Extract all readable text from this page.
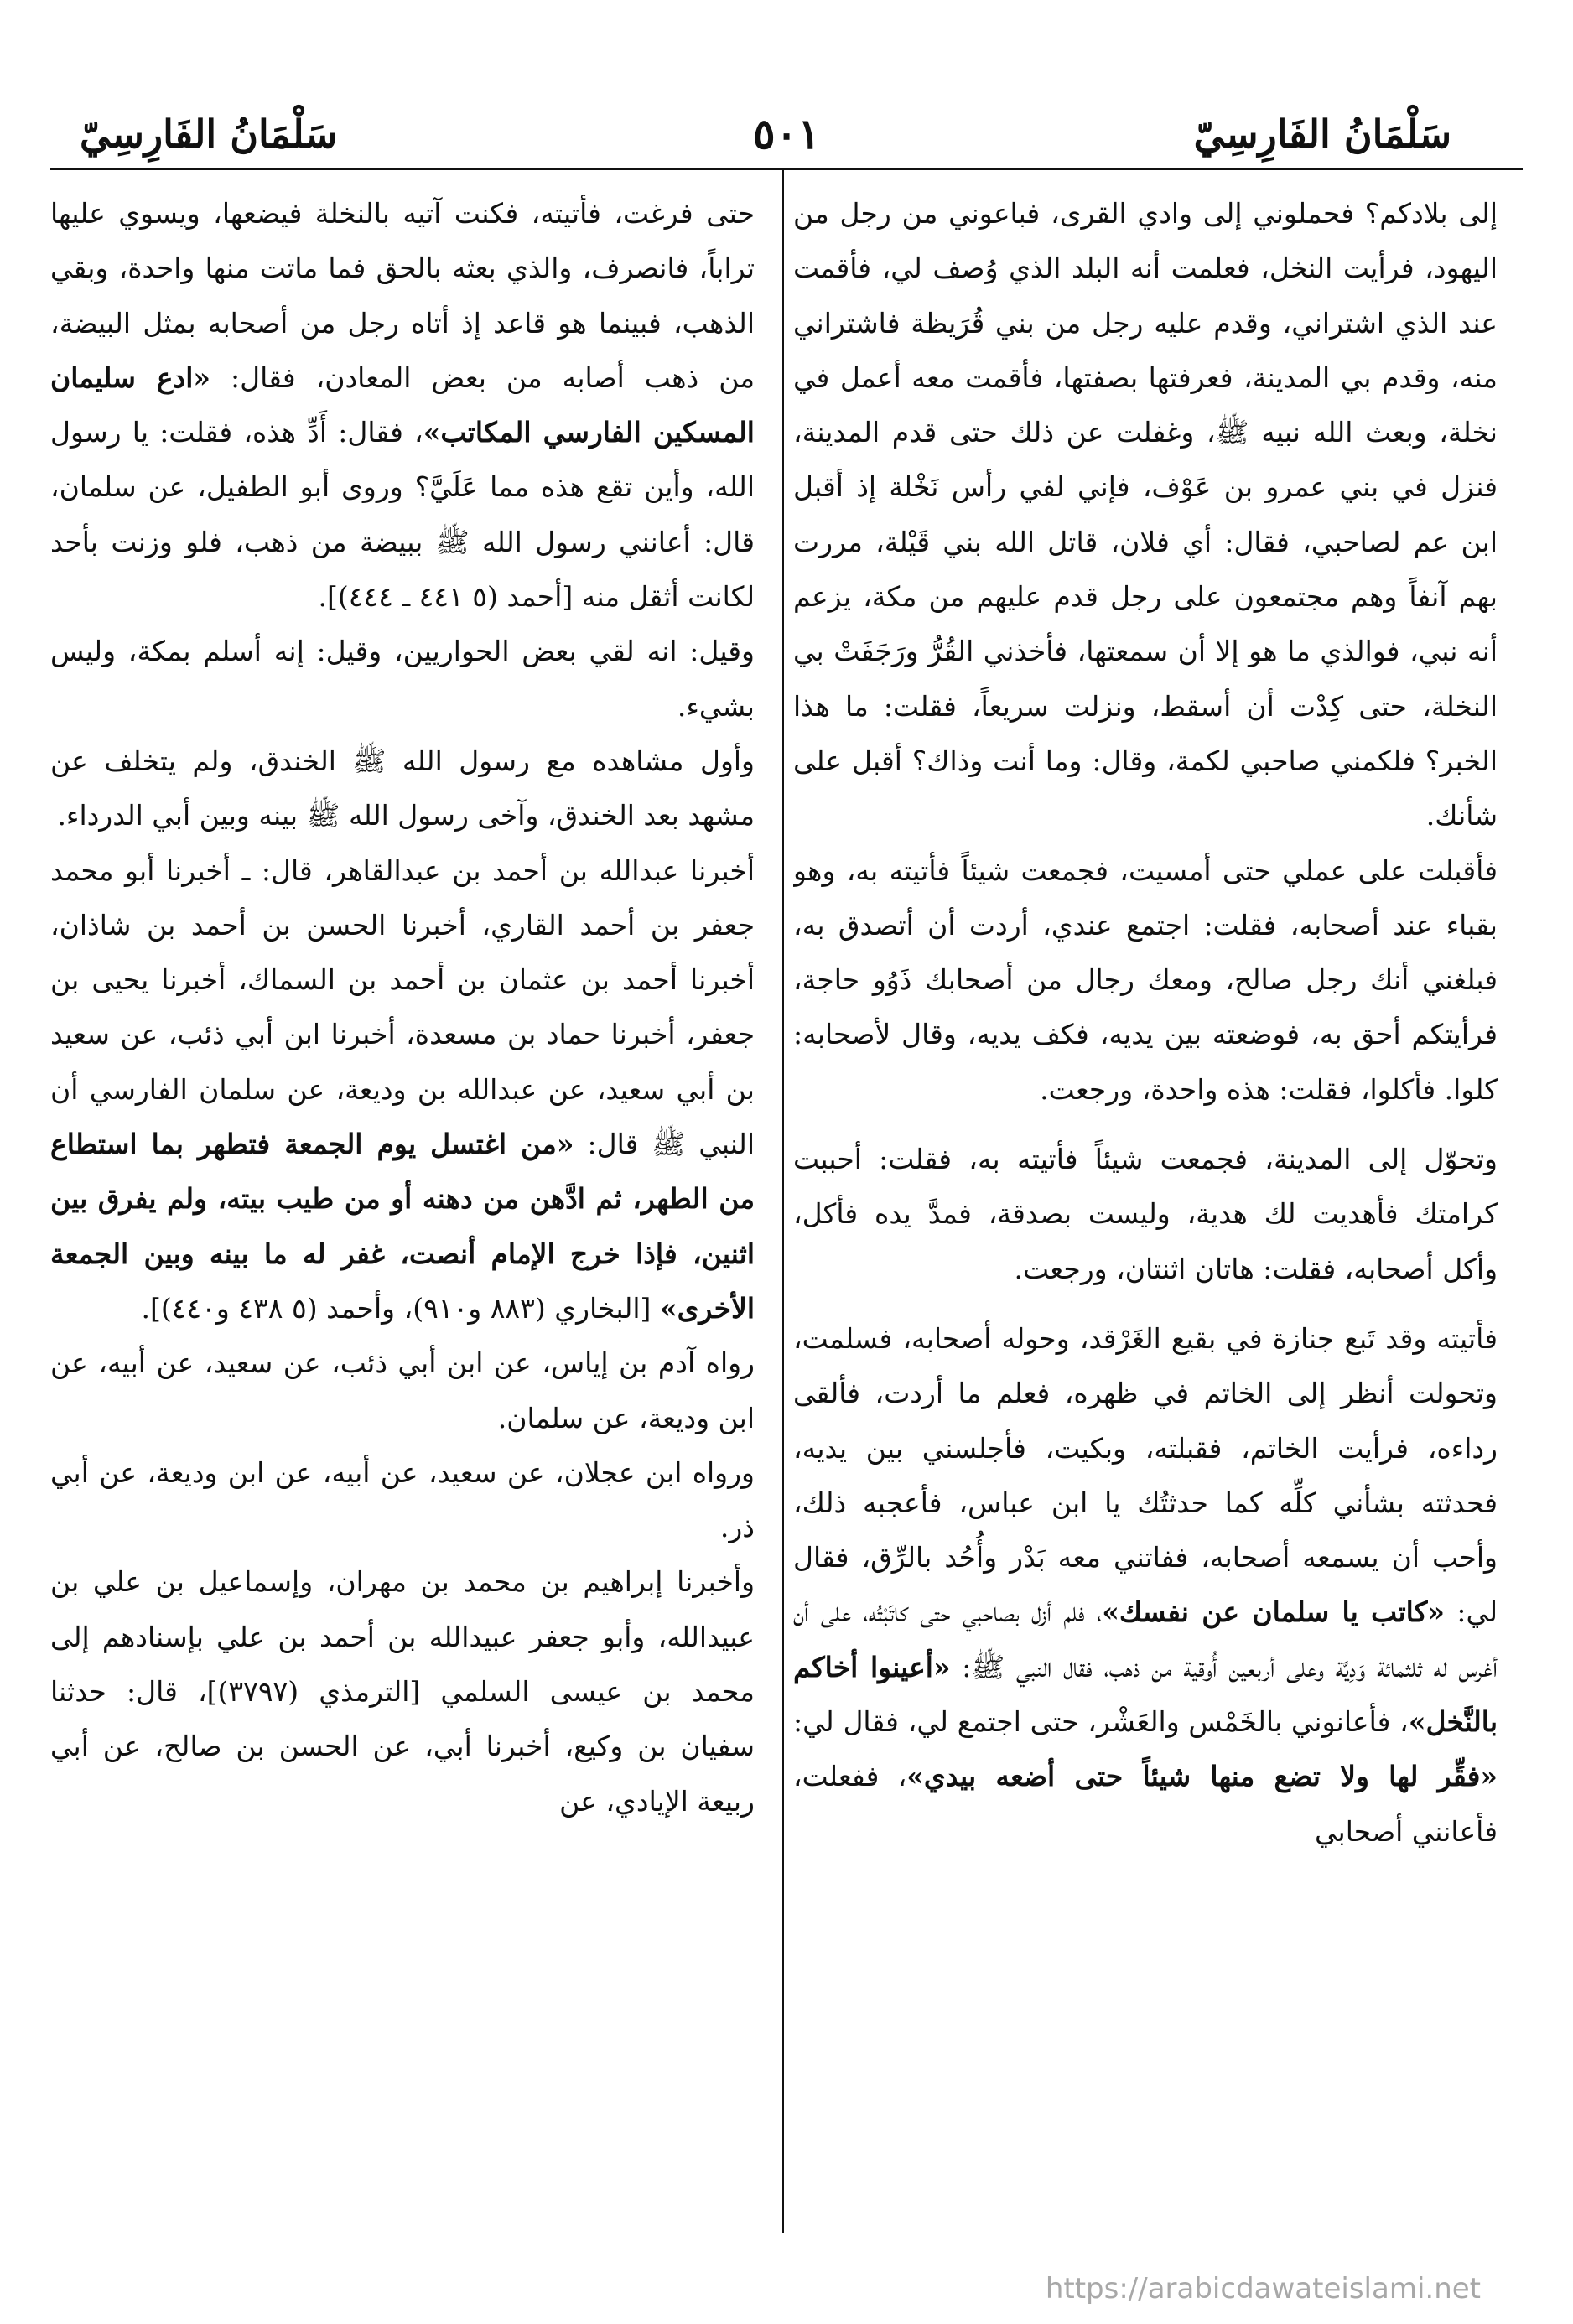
سَلْمَانُ الفَارِسِيّ
٥٠١
سَلْمَانُ الفَارِسِيّ

إلى بلادكم؟ فحملوني إلى وادي القرى، فباعوني من رجل من اليهود، فرأيت النخل، فعلمت أنه البلد الذي وُصف لي، فأقمت عند الذي اشتراني، وقدم عليه رجل من بني قُرَيظة فاشتراني منه، وقدم بي المدينة، فعرفتها بصفتها، فأقمت معه أعمل في نخلة، وبعث الله نبيه ﷺ، وغفلت عن ذلك حتى قدم المدينة، فنزل في بني عمرو بن عَوْف، فإني لفي رأس نَخْلة إذ أقبل ابن عم لصاحبي، فقال: أي فلان، قاتل الله بني قَيْلة، مررت بهم آنفاً وهم مجتمعون على رجل قدم عليهم من مكة، يزعم أنه نبي، فوالذي ما هو إلا أن سمعتها، فأخذني القُرُّ ورَجَفَتْ بي النخلة، حتى كِدْت أن أسقط، ونزلت سريعاً، فقلت: ما هذا الخبر؟ فلكمني صاحبي لكمة، وقال: وما أنت وذاك؟ أقبل على شأنك.

فأقبلت على عملي حتى أمسيت، فجمعت شيئاً فأتيته به، وهو بقباء عند أصحابه، فقلت: اجتمع عندي، أردت أن أتصدق به، فبلغني أنك رجل صالح، ومعك رجال من أصحابك ذَوُو حاجة، فرأيتكم أحق به، فوضعته بين يديه، فكف يديه، وقال لأصحابه: كلوا. فأكلوا، فقلت: هذه واحدة، ورجعت.

وتحوّل إلى المدينة، فجمعت شيئاً فأتيته به، فقلت: أحببت كرامتك فأهديت لك هدية، وليست بصدقة، فمدَّ يده فأكل، وأكل أصحابه، فقلت: هاتان اثنتان، ورجعت.

فأتيته وقد تَبع جنازة في بقيع الغَرْقد، وحوله أصحابه، فسلمت، وتحولت أنظر إلى الخاتم في ظهره، فعلم ما أردت، فألقى رداءه، فرأيت الخاتم، فقبلته، وبكيت، فأجلسني بين يديه، فحدثته بشأني كلِّه كما حدثتُك يا ابن عباس، فأعجبه ذلك، وأحب أن يسمعه أصحابه، ففاتني معه بَدْر وأُحُد بالرِّق، فقال لي: «كاتب يا سلمان عن نفسك»، فلم أزل بصاحبي حتى كاتَبْتُه، على أن أغرس له ثلثمائة وَدِيَّة وعلى أربعين أُوقية من ذهب، فقال النبي ﷺ: «أعينوا أخاكم بالنَّخل»، فأعانوني بالخَمْس والعَشْر، حتى اجتمع لي، فقال لي: «فقِّر لها ولا تضع منها شيئاً حتى أضعه بيدي»، ففعلت، فأعانني أصحابي

حتى فرغت، فأتيته، فكنت آتيه بالنخلة فيضعها، ويسوي عليها تراباً، فانصرف، والذي بعثه بالحق فما ماتت منها واحدة، وبقي الذهب، فبينما هو قاعد إذ أتاه رجل من أصحابه بمثل البيضة، من ذهب أصابه من بعض المعادن، فقال: «ادع سليمان المسكين الفارسي المكاتب»، فقال: أَدِّ هذه، فقلت: يا رسول الله، وأين تقع هذه مما عَلَيَّ؟ وروى أبو الطفيل، عن سلمان، قال: أعانني رسول الله ﷺ ببيضة من ذهب، فلو وزنت بأحد لكانت أثقل منه [أحمد (٥ ٤٤١ ـ ٤٤٤)].

وقيل: انه لقي بعض الحواريين، وقيل: إنه أسلم بمكة، وليس بشيء.

وأول مشاهده مع رسول الله ﷺ الخندق، ولم يتخلف عن مشهد بعد الخندق، وآخى رسول الله ﷺ بينه وبين أبي الدرداء.

أخبرنا عبدالله بن أحمد بن عبدالقاهر، قال: ـ أخبرنا أبو محمد جعفر بن أحمد القاري، أخبرنا الحسن بن أحمد بن شاذان، أخبرنا أحمد بن عثمان بن أحمد بن السماك، أخبرنا يحيى بن جعفر، أخبرنا حماد بن مسعدة، أخبرنا ابن أبي ذئب، عن سعيد بن أبي سعيد، عن عبدالله بن وديعة، عن سلمان الفارسي أن النبي ﷺ قال: «من اغتسل يوم الجمعة فتطهر بما استطاع من الطهر، ثم ادَّهن من دهنه أو من طيب بيته، ولم يفرق بين اثنين، فإذا خرج الإمام أنصت، غفر له ما بينه وبين الجمعة الأخرى» [البخاري (٨٨٣ و٩١٠)، وأحمد (٥ ٤٣٨ و٤٤٠)].

رواه آدم بن إياس، عن ابن أبي ذئب، عن سعيد، عن أبيه، عن ابن وديعة، عن سلمان.

ورواه ابن عجلان، عن سعيد، عن أبيه، عن ابن وديعة، عن أبي ذر.

وأخبرنا إبراهيم بن محمد بن مهران، وإسماعيل بن علي بن عبيدالله، وأبو جعفر عبيدالله بن أحمد بن علي بإسنادهم إلى محمد بن عيسى السلمي [الترمذي (٣٧٩٧)]، قال: حدثنا سفيان بن وكيع، أخبرنا أبي، عن الحسن بن صالح، عن أبي ربيعة الإيادي، عن

https://arabicdawateislami.net
